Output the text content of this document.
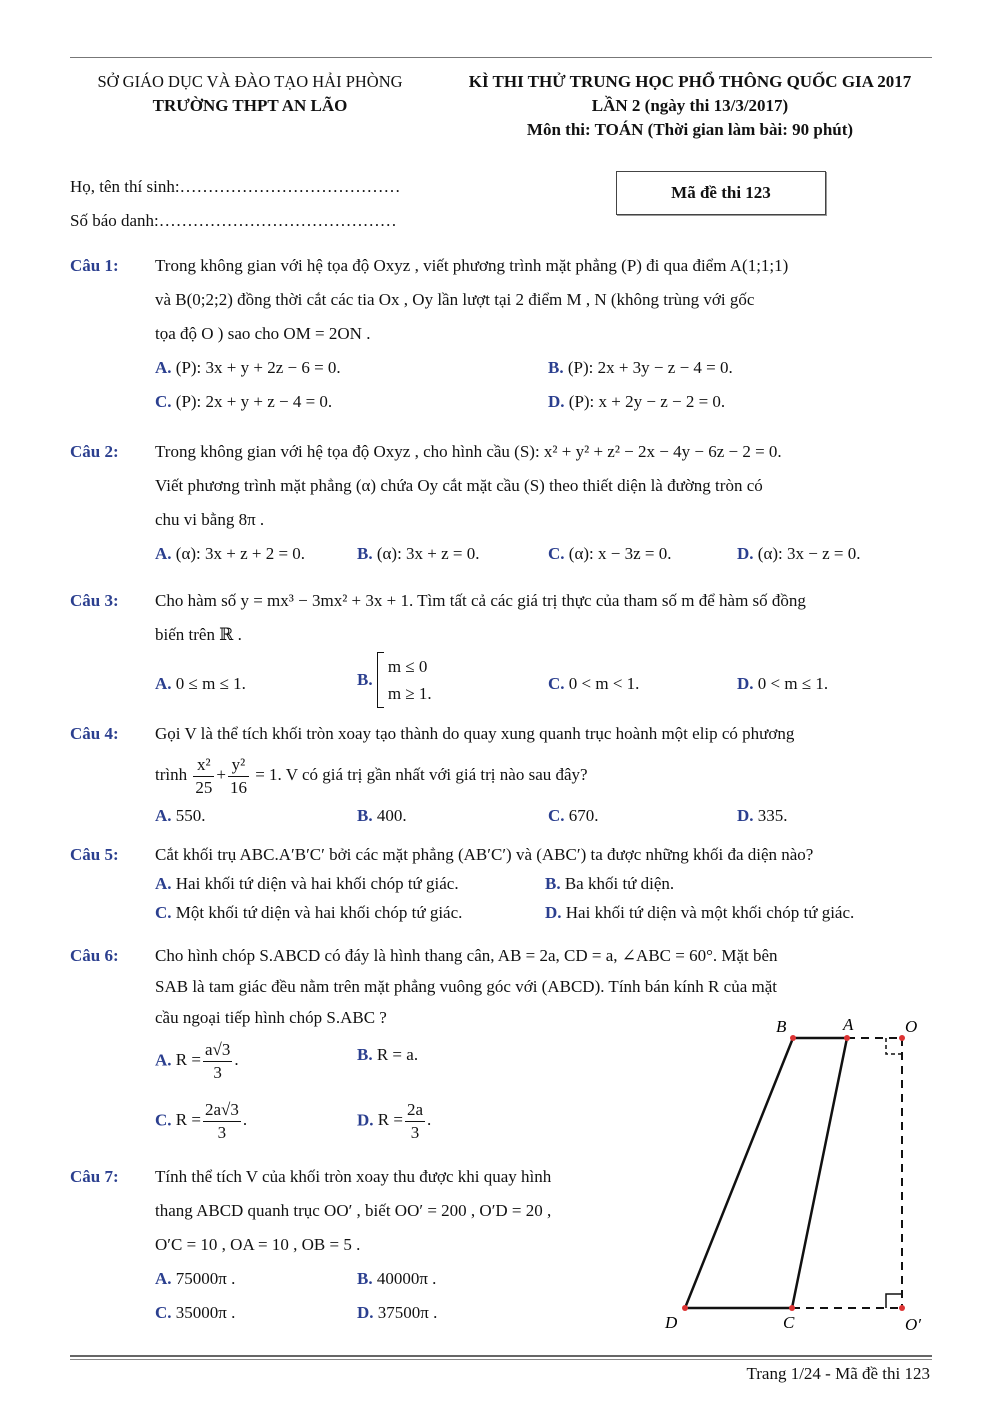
SỞ GIÁO DỤC VÀ ĐÀO TẠO HẢI PHÒNG
TRƯỜNG THPT AN LÃO
KÌ THI THỬ TRUNG HỌC PHỔ THÔNG QUỐC GIA 2017
LẦN 2 (ngày thi 13/3/2017)
Môn thi: TOÁN (Thời gian làm bài: 90 phút)
Họ, tên thí sinh:…………………………………
Số báo danh:……………………………………
Mã đề thi 123
Câu 1: Trong không gian với hệ tọa độ Oxyz , viết phương trình mặt phẳng (P) đi qua điểm A(1;1;1)
và B(0;2;2) đồng thời cắt các tia Ox , Oy lần lượt tại 2 điểm M , N (không trùng với gốc
tọa độ O ) sao cho OM = 2ON .
A. (P): 3x + y + 2z − 6 = 0.	B. (P): 2x + 3y − z − 4 = 0.
C. (P): 2x + y + z − 4 = 0.	D. (P): x + 2y − z − 2 = 0.
Câu 2: Trong không gian với hệ tọa độ Oxyz , cho hình cầu (S): x² + y² + z² − 2x − 4y − 6z − 2 = 0.
Viết phương trình mặt phẳng (α) chứa Oy cắt mặt cầu (S) theo thiết diện là đường tròn có
chu vi bằng 8π .
A. (α): 3x + z + 2 = 0.	B. (α): 3x + z = 0.	C. (α): x − 3z = 0.	D. (α): 3x − z = 0.
Câu 3: Cho hàm số y = mx³ − 3mx² + 3x + 1. Tìm tất cả các giá trị thực của tham số m để hàm số đồng
biến trên ℝ .
A. 0 ≤ m ≤ 1.	B.
m ≤ 0
m ≥ 1.
C. 0 < m < 1.	D. 0 < m ≤ 1.
Câu 4: Gọi V là thể tích khối tròn xoay tạo thành do quay xung quanh trục hoành một elip có phương
trình $\frac{\text{x²}}{25} + \frac{\text{y²}}{16} = 1$. V có giá trị gần nhất với giá trị nào sau đây?
A. 550.	B. 400.	C. 670.	D. 335.
Câu 5: Cắt khối trụ ABC.A′B′C′ bởi các mặt phẳng (AB′C′) và (ABC′) ta được những khối đa diện nào?
A. Hai khối tứ diện và hai khối chóp tứ giác.	B. Ba khối tứ diện.
C. Một khối tứ diện và hai khối chóp tứ giác.	D. Hai khối tứ diện và một khối chóp tứ giác.
Câu 6: Cho hình chóp S.ABCD có đáy là hình thang cân, AB = 2a, CD = a, ∠ABC = 60°. Mặt bên
SAB là tam giác đều nằm trên mặt phẳng vuông góc với (ABCD). Tính bán kính R của mặt
cầu ngoại tiếp hình chóp S.ABC ?
A. $R = \frac{a√3}{3}$ .	B. R = a.
C. $R = \frac{2a√3}{3}$ .	D. $R = \frac{2a}{3}$ .
Câu 7: Tính thể tích V của khối tròn xoay thu được khi quay hình
thang ABCD quanh trục OO′ , biết OO′ = 200 , O′D = 20 ,
O′C = 10 , OA = 10 , OB = 5 .
A. 75000π .	B. 40000π .
C. 35000π .	D. 37500π .
B	A	O
D	C	O′
Trang 1/24 - Mã đề thi 123
